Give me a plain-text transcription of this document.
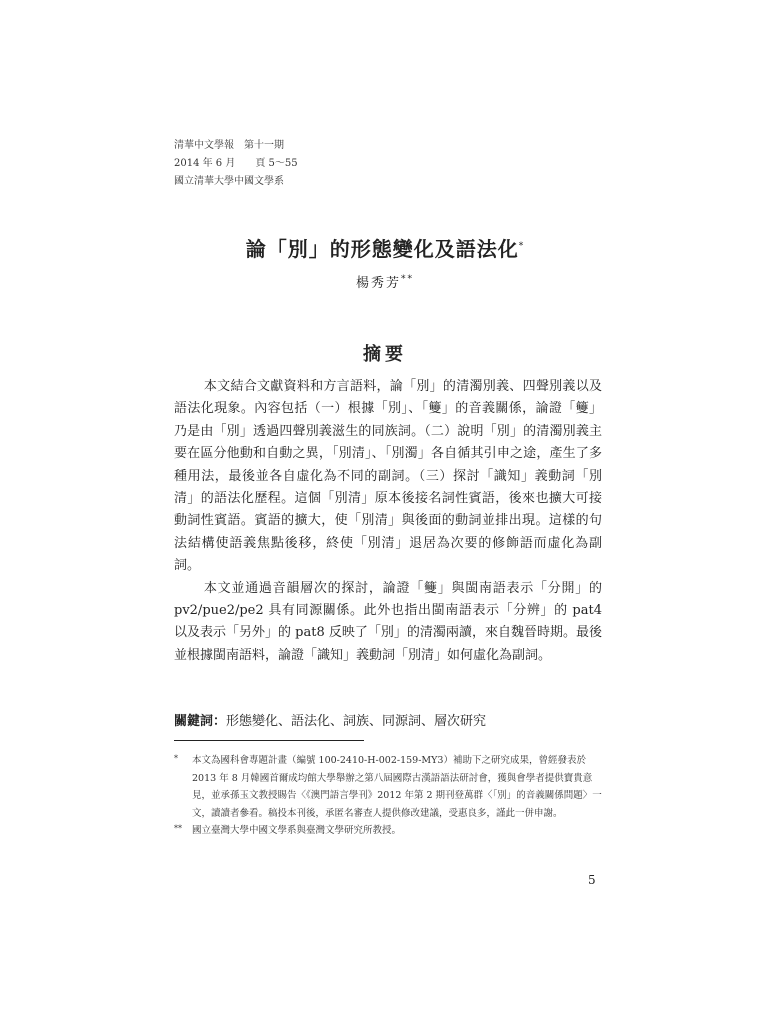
清華中文學報　第十一期
2014 年 6 月　　頁 5～55
國立清華大學中國文學系
論「別」的形態變化及語法化*
楊秀芳**
摘要

本文結合文獻資料和方言語料，論「別」的清濁別義、四聲別義以及語法化現象。內容包括（一）根據「別」、「䉶」的音義關係，論證「䉶」乃是由「別」透過四聲別義滋生的同族詞。（二）說明「別」的清濁別義主要在區分他動和自動之異，「別清」、「別濁」各自循其引申之途，產生了多種用法，最後並各自虛化為不同的副詞。（三）探討「識知」義動詞「別清」的語法化歷程。這個「別清」原本後接名詞性賓語，後來也擴大可接動詞性賓語。賓語的擴大，使「別清」與後面的動詞並排出現。這樣的句法結構使語義焦點後移，終使「別清」退居為次要的修飾語而虛化為副詞。

本文並通過音韻層次的探討，論證「䉶」與閩南語表示「分開」的 pv2/pue2/pe2 具有同源關係。此外也指出閩南語表示「分辨」的 pat4 以及表示「另外」的 pat8 反映了「別」的清濁兩讀，來自魏晉時期。最後並根據閩南語料，論證「識知」義動詞「別清」如何虛化為副詞。

關鍵詞：形態變化、語法化、詞族、同源詞、層次研究

* 本文為國科會專題計畫（編號 100-2410-H-002-159-MY3）補助下之研究成果，曾經發表於 2013 年 8 月韓國首爾成均館大學舉辦之第八屆國際古漢語語法研討會，獲與會學者提供寶貴意見，並承孫玉文教授賜告〈《澳門語言學刊》2012 年第 2 期刊登萬群〈「別」的音義關係問題〉一文，讀讀者參看。稿投本刊後，承匿名審查人提供修改建議，受惠良多，謹此一併申謝。

** 國立臺灣大學中國文學系與臺灣文學研究所教授。

5
